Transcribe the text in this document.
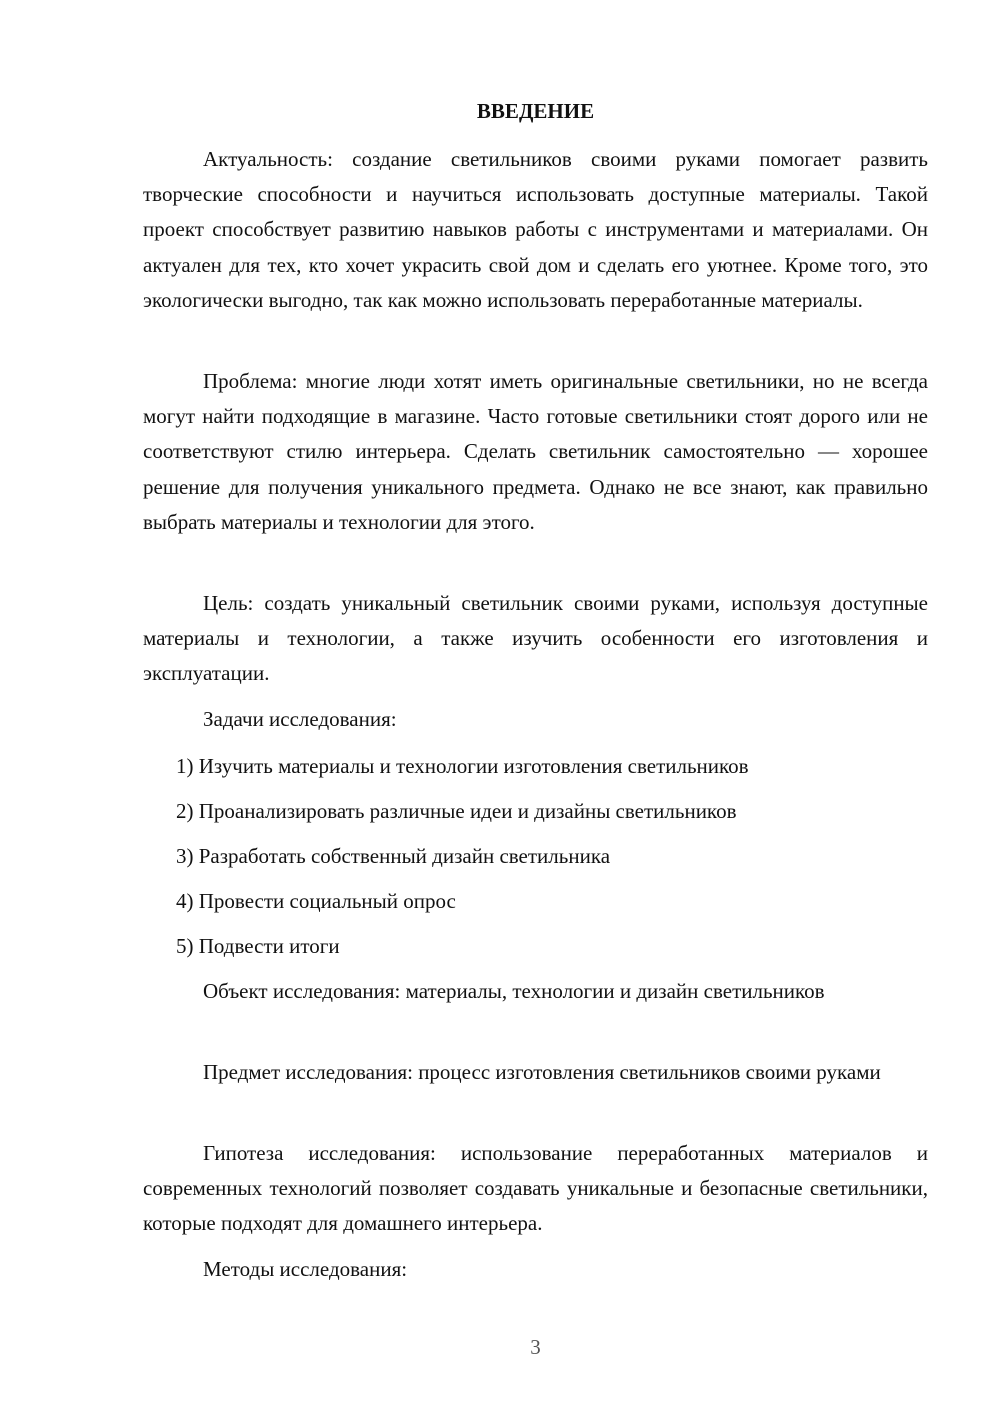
ВВЕДЕНИЕ

Актуальность: создание светильников своими руками помогает развить творческие способности и научиться использовать доступные материалы. Такой проект способствует развитию навыков работы с инструментами и материалами. Он актуален для тех, кто хочет украсить свой дом и сделать его уютнее. Кроме того, это экологически выгодно, так как можно использовать переработанные материалы.

Проблема: многие люди хотят иметь оригинальные светильники, но не всегда могут найти подходящие в магазине. Часто готовые светильники стоят дорого или не соответствуют стилю интерьера. Сделать светильник самостоятельно — хорошее решение для получения уникального предмета. Однако не все знают, как правильно выбрать материалы и технологии для этого.

Цель: создать уникальный светильник своими руками, используя доступные материалы и технологии, а также изучить особенности его изготовления и эксплуатации.

Задачи исследования:

1) Изучить материалы и технологии изготовления светильников

2) Проанализировать различные идеи и дизайны светильников

3) Разработать собственный дизайн светильника

4) Провести социальный опрос

5) Подвести итоги

Объект исследования: материалы, технологии и дизайн светильников

Предмет исследования: процесс изготовления светильников своими руками

Гипотеза исследования: использование переработанных материалов и современных технологий позволяет создавать уникальные и безопасные светильники, которые подходят для домашнего интерьера.

Методы исследования:

3
